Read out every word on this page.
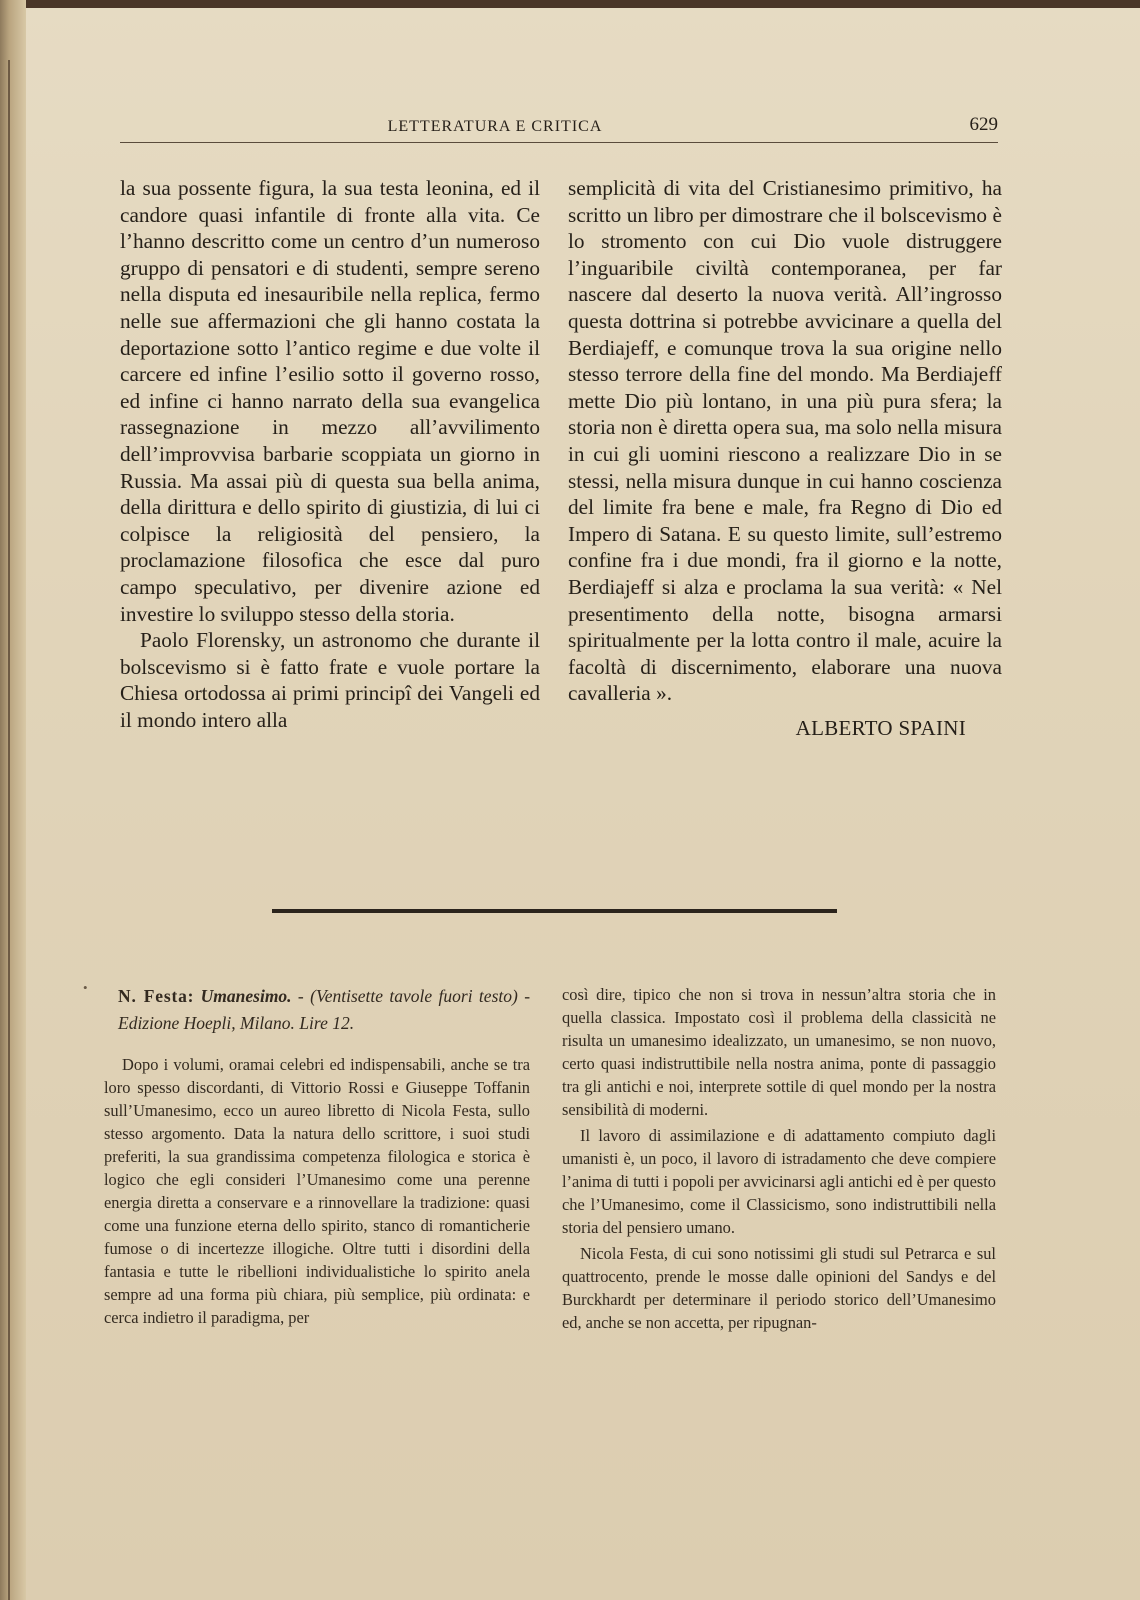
LETTERATURA E CRITICA	629

la sua possente figura, la sua testa leonina, ed il candore quasi infantile di fronte alla vita. Ce l’hanno descritto come un centro d’un numeroso gruppo di pensatori e di studenti, sempre sereno nella disputa ed inesauribile nella replica, fermo nelle sue affermazioni che gli hanno costata la deportazione sotto l’antico regime e due volte il carcere ed infine l’esilio sotto il governo rosso, ed infine ci hanno narrato della sua evangelica rassegnazione in mezzo all’avvilimento dell’improvvisa barbarie scoppiata un giorno in Russia. Ma assai più di questa sua bella anima, della dirittura e dello spirito di giustizia, di lui ci colpisce la religiosità del pensiero, la proclamazione filosofica che esce dal puro campo speculativo, per divenire azione ed investire lo sviluppo stesso della storia.

Paolo Florensky, un astronomo che durante il bolscevismo si è fatto frate e vuole portare la Chiesa ortodossa ai primi principî dei Vangeli ed il mondo intero alla

semplicità di vita del Cristianesimo primitivo, ha scritto un libro per dimostrare che il bolscevismo è lo stromento con cui Dio vuole distruggere l’inguaribile civiltà contemporanea, per far nascere dal deserto la nuova verità. All’ingrosso questa dottrina si potrebbe avvicinare a quella del Berdiajeff, e comunque trova la sua origine nello stesso terrore della fine del mondo. Ma Berdiajeff mette Dio più lontano, in una più pura sfera; la storia non è diretta opera sua, ma solo nella misura in cui gli uomini riescono a realizzare Dio in se stessi, nella misura dunque in cui hanno coscienza del limite fra bene e male, fra Regno di Dio ed Impero di Satana. E su questo limite, sull’estremo confine fra i due mondi, fra il giorno e la notte, Berdiajeff si alza e proclama la sua verità: « Nel presentimento della notte, bisogna armarsi spiritualmente per la lotta contro il male, acuire la facoltà di discernimento, elaborare una nuova cavalleria ».

ALBERTO SPAINI

•	N. Festa: Umanesimo. - (Ventisette tavole fuori testo) - Edizione Hoepli, Milano. Lire 12.

Dopo i volumi, oramai celebri ed indispensabili, anche se tra loro spesso discordanti, di Vittorio Rossi e Giuseppe Toffanin sull’Umanesimo, ecco un aureo libretto di Nicola Festa, sullo stesso argomento. Data la natura dello scrittore, i suoi studi preferiti, la sua grandissima competenza filologica e storica è logico che egli consideri l’Umanesimo come una perenne energia diretta a conservare e a rinnovellare la tradizione: quasi come una funzione eterna dello spirito, stanco di romanticherie fumose o di incertezze illogiche. Oltre tutti i disordini della fantasia e tutte le ribellioni individualistiche lo spirito anela sempre ad una forma più chiara, più semplice, più ordinata: e cerca indietro il paradigma, per

così dire, tipico che non si trova in nessun’altra storia che in quella classica. Impostato così il problema della classicità ne risulta un umanesimo idealizzato, un umanesimo, se non nuovo, certo quasi indistruttibile nella nostra anima, ponte di passaggio tra gli antichi e noi, interprete sottile di quel mondo per la nostra sensibilità di moderni.

Il lavoro di assimilazione e di adattamento compiuto dagli umanisti è, un poco, il lavoro di istradamento che deve compiere l’anima di tutti i popoli per avvicinarsi agli antichi ed è per questo che l’Umanesimo, come il Classicismo, sono indistruttibili nella storia del pensiero umano.

Nicola Festa, di cui sono notissimi gli studi sul Petrarca e sul quattrocento, prende le mosse dalle opinioni del Sandys e del Burckhardt per determinare il periodo storico dell’Umanesimo ed, anche se non accetta, per ripugnan-
